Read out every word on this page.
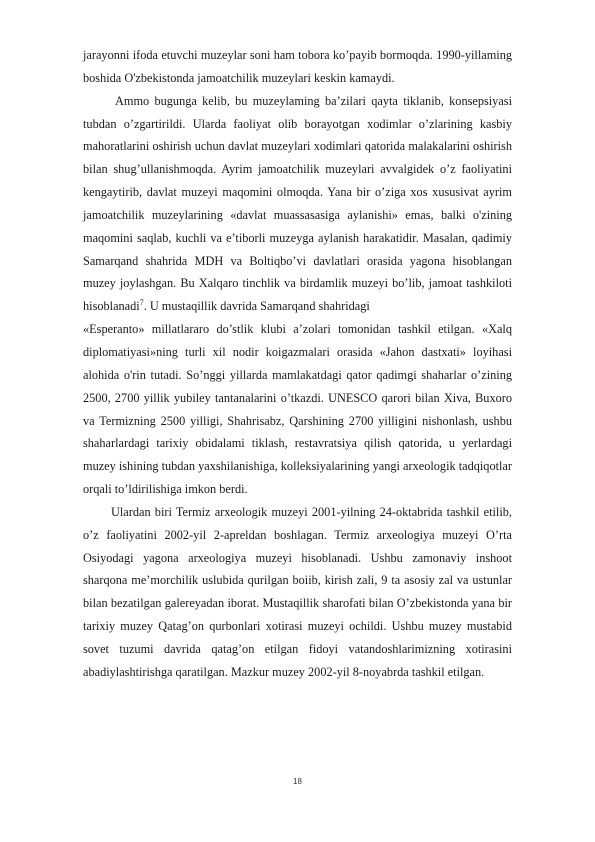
jarayonni ifoda etuvchi muzeylar soni ham tobora ko’payib bormoqda. 1990-yillaming boshida O'zbekistonda jamoatchilik muzeylari keskin kamaydi.

Ammo bugunga kelib, bu muzeylaming ba’zilari qayta tiklanib, konsepsiyasi tubdan o’zgartirildi. Ularda faoliyat olib borayotgan xodimlar o’zlarining kasbiy mahoratlarini oshirish uchun davlat muzeylari xodimlari qatorida malakalarini oshirish bilan shug’ullanishmoqda. Ayrim jamoatchilik muzeylari avvalgidek o’z faoliyatini kengaytirib, davlat muzeyi maqomini olmoqda. Yana bir o’ziga xos xususivat ayrim jamoatchilik muzeylarining «davlat muassasasiga aylanishi» emas, balki o'zining maqomini saqlab, kuchli va e’tiborli muzeyga aylanish harakatidir. Masalan, qadimiy Samarqand shahrida MDH va Boltiqbo’vi davlatlari orasida yagona hisoblangan muzey joylashgan. Bu Xalqaro tinchlik va birdamlik muzeyi bo’lib, jamoat tashkiloti hisoblanadi$^7$. U mustaqillik davrida Samarqand shahridagi

«Esperanto» millatlararo do’stlik klubi a’zolari tomonidan tashkil etilgan. «Xalq diplomatiyasi»ning turli xil nodir koigazmalari orasida «Jahon dastxati» loyihasi alohida o'rin tutadi. So’nggi yillarda mamlakatdagi qator qadimgi shaharlar o’zining 2500, 2700 yillik yubiley tantanalarini o’tkazdi. UNESCO qarori bilan Xiva, Buxoro va Termizning 2500 yilligi, Shahrisabz, Qarshining 2700 yilligini nishonlash, ushbu shaharlardagi tarixiy obidalami tiklash, restavratsiya qilish qatorida, u yerlardagi muzey ishining tubdan yaxshilanishiga, kolleksiyalarining yangi arxeologik tadqiqotlar orqali to’ldirilishiga imkon berdi.

Ulardan biri Termiz arxeologik muzeyi 2001-yilning 24-oktabrida tashkil etilib, o’z faoliyatini 2002-yil 2-apreldan boshlagan. Termiz arxeologiya muzeyi O’rta Osiyodagi yagona arxeologiya muzeyi hisoblanadi. Ushbu zamonaviy inshoot sharqona me’morchilik uslubida qurilgan boiib, kirish zali, 9 ta asosiy zal va ustunlar bilan bezatilgan galereyadan iborat. Mustaqillik sharofati bilan O’zbekistonda yana bir tarixiy muzey Qatag’on qurbonlari xotirasi muzeyi ochildi. Ushbu muzey mustabid sovet tuzumi davrida qatag’on etilgan fidoyi vatandoshlarimizning xotirasini abadiylashtirishga qaratilgan. Mazkur muzey 2002-yil 8-noyabrda tashkil etilgan.

18
